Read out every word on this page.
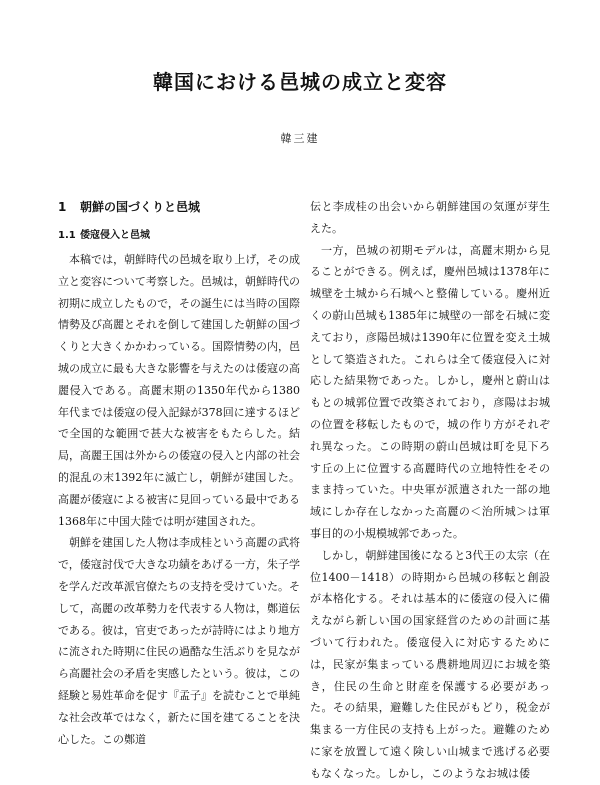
韓国における邑城の成立と変容
韓三建
1 朝鮮の国づくりと邑城
1.1 倭寇侵入と邑城

本稿では，朝鮮時代の邑城を取り上げ，その成立と変容について考察した。邑城は，朝鮮時代の初期に成立したもので，その誕生には当時の国際情勢及び高麗とそれを倒して建国した朝鮮の国づくりと大きくかかわっている。国際情勢の内，邑城の成立に最も大きな影響を与えたのは倭寇の高麗侵入である。高麗末期の1350年代から1380年代までは倭寇の侵入記録が378回に達するほどで全国的な範囲で甚大な被害をもたらした。結局，高麗王国は外からの倭寇の侵入と内部の社会的混乱の末1392年に滅亡し，朝鮮が建国した。高麗が倭寇による被害に見回っている最中である1368年に中国大陸では明が建国された。

朝鮮を建国した人物は李成桂という高麗の武将で，倭寇討伐で大きな功績をあげる一方，朱子学を学んだ改革派官僚たちの支持を受けていた。そして，高麗の改革勢力を代表する人物は，鄭道伝である。彼は，官吏であったが詩時にはより地方に流された時期に住民の過酷な生活ぶりを見ながら高麗社会の矛盾を実感したという。彼は，この経験と易姓革命を促す『孟子』を読むことで単純な社会改革ではなく，新たに国を建てることを決心した。この鄭道

伝と李成桂の出会いから朝鮮建国の気運が芽生えた。

一方，邑城の初期モデルは，高麗末期から見ることができる。例えば，慶州邑城は1378年に城壁を土城から石城へと整備している。慶州近くの蔚山邑城も1385年に城壁の一部を石城に変えており，彦陽邑城は1390年に位置を変え土城として築造された。これらは全て倭寇侵入に対応した結果物であった。しかし，慶州と蔚山はもとの城郭位置で改築されており，彦陽はお城の位置を移転したもので，城の作り方がそれぞれ異なった。この時期の蔚山邑城は町を見下ろす丘の上に位置する高麗時代の立地特性をそのまま持っていた。中央軍が派遣された一部の地域にしか存在しなかった高麗の＜治所城＞は軍事目的の小規模城郭であった。

しかし，朝鮮建国後になると3代王の太宗（在位1400－1418）の時期から邑城の移転と創設が本格化する。それは基本的に倭寇の侵入に備えながら新しい国の国家経営のための計画に基づいて行われた。倭寇侵入に対応するためには，民家が集まっている農耕地周辺にお城を築き，住民の生命と財産を保護する必要があった。その結果，避難した住民がもどり，税金が集まる一方住民の支持も上がった。避難のために家を放置して遠く険しい山城まで逃げる必要もなくなった。しかし，このようなお城は倭
